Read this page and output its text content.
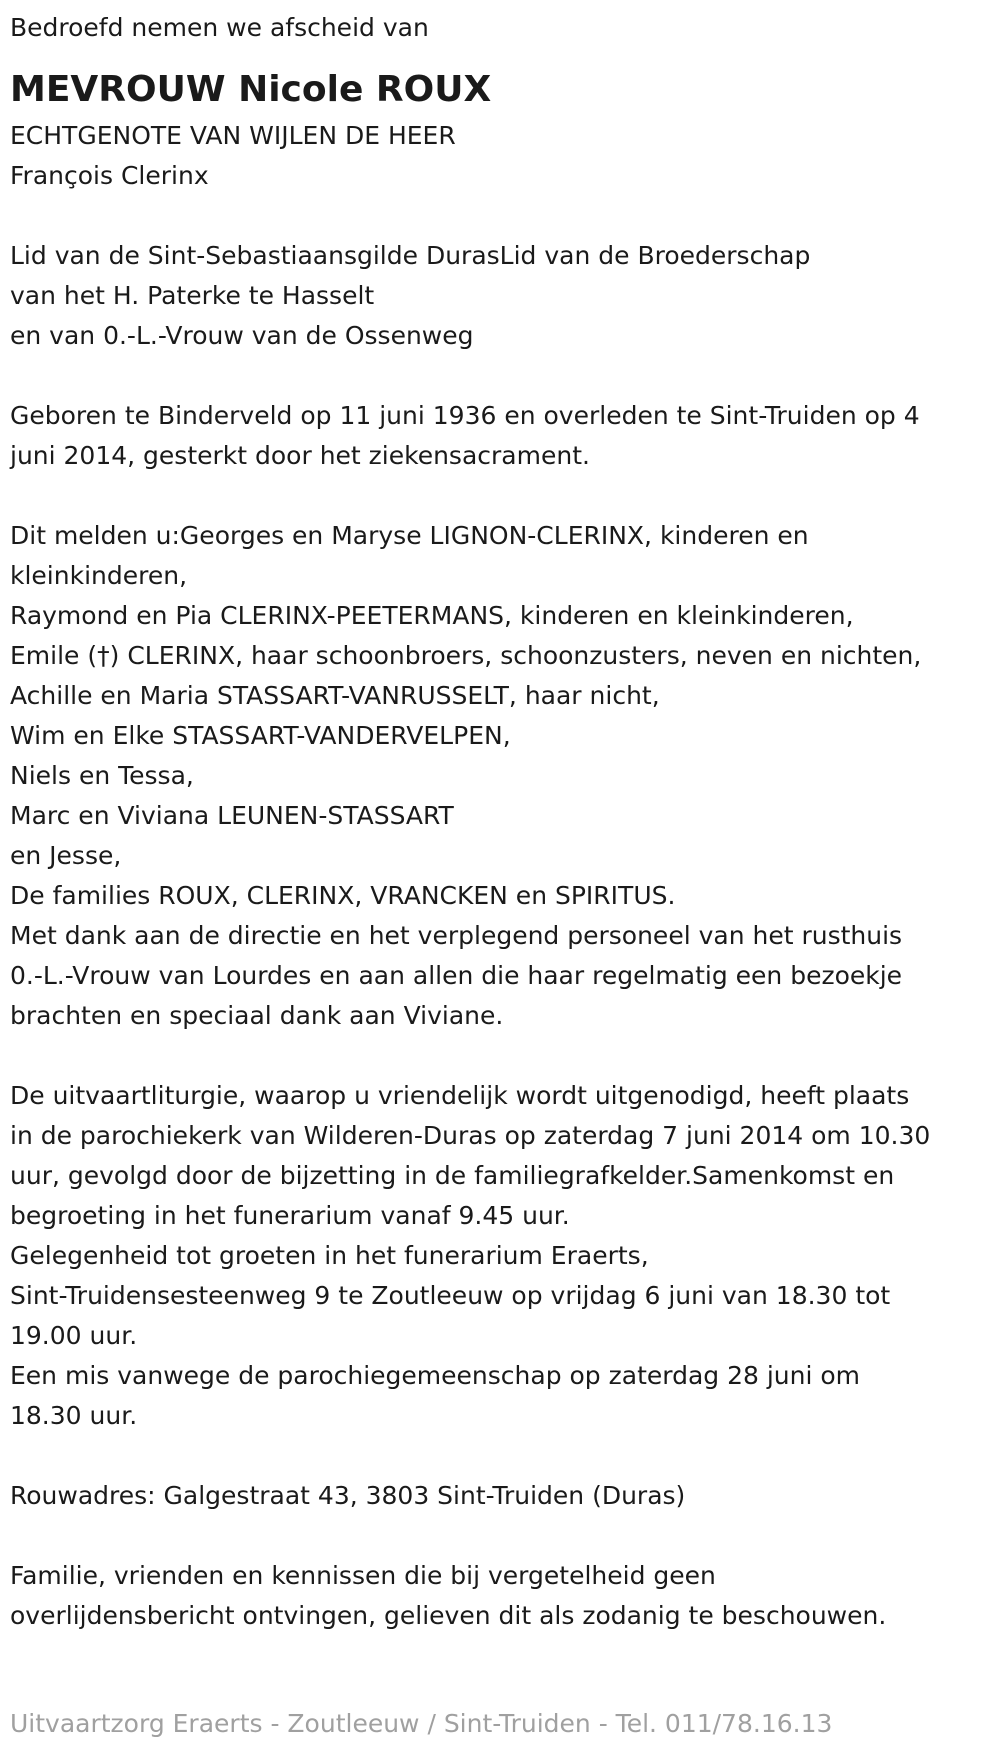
Bedroefd nemen we afscheid van
MEVROUW Nicole ROUX
ECHTGENOTE VAN WIJLEN DE HEER
François Clerinx
Lid van de Sint-Sebastiaansgilde DurasLid van de Broederschap
van het H. Paterke te Hasselt
en van 0.-L.-Vrouw van de Ossenweg
Geboren te Binderveld op 11 juni 1936 en overleden te Sint-Truiden op 4
juni 2014, gesterkt door het ziekensacrament.
Dit melden u:Georges en Maryse LIGNON-CLERINX, kinderen en
kleinkinderen,
Raymond en Pia CLERINX-PEETERMANS, kinderen en kleinkinderen,
Emile (†) CLERINX, haar schoonbroers, schoonzusters, neven en nichten,
Achille en Maria STASSART-VANRUSSELT, haar nicht,
Wim en Elke STASSART-VANDERVELPEN,
Niels en Tessa,
Marc en Viviana LEUNEN-STASSART
en Jesse,
De families ROUX, CLERINX, VRANCKEN en SPIRITUS.
Met dank aan de directie en het verplegend personeel van het rusthuis
0.-L.-Vrouw van Lourdes en aan allen die haar regelmatig een bezoekje
brachten en speciaal dank aan Viviane.
De uitvaartliturgie, waarop u vriendelijk wordt uitgenodigd, heeft plaats
in de parochiekerk van Wilderen-Duras op zaterdag 7 juni 2014 om 10.30
uur, gevolgd door de bijzetting in de familiegrafkelder.Samenkomst en
begroeting in het funerarium vanaf 9.45 uur.
Gelegenheid tot groeten in het funerarium Eraerts,
Sint-Truidensesteenweg 9 te Zoutleeuw op vrijdag 6 juni van 18.30 tot
19.00 uur.
Een mis vanwege de parochiegemeenschap op zaterdag 28 juni om
18.30 uur.
Rouwadres: Galgestraat 43, 3803 Sint-Truiden (Duras)
Familie, vrienden en kennissen die bij vergetelheid geen
overlijdensbericht ontvingen, gelieven dit als zodanig te beschouwen.
Uitvaartzorg Eraerts - Zoutleeuw / Sint-Truiden - Tel. 011/78.16.13
